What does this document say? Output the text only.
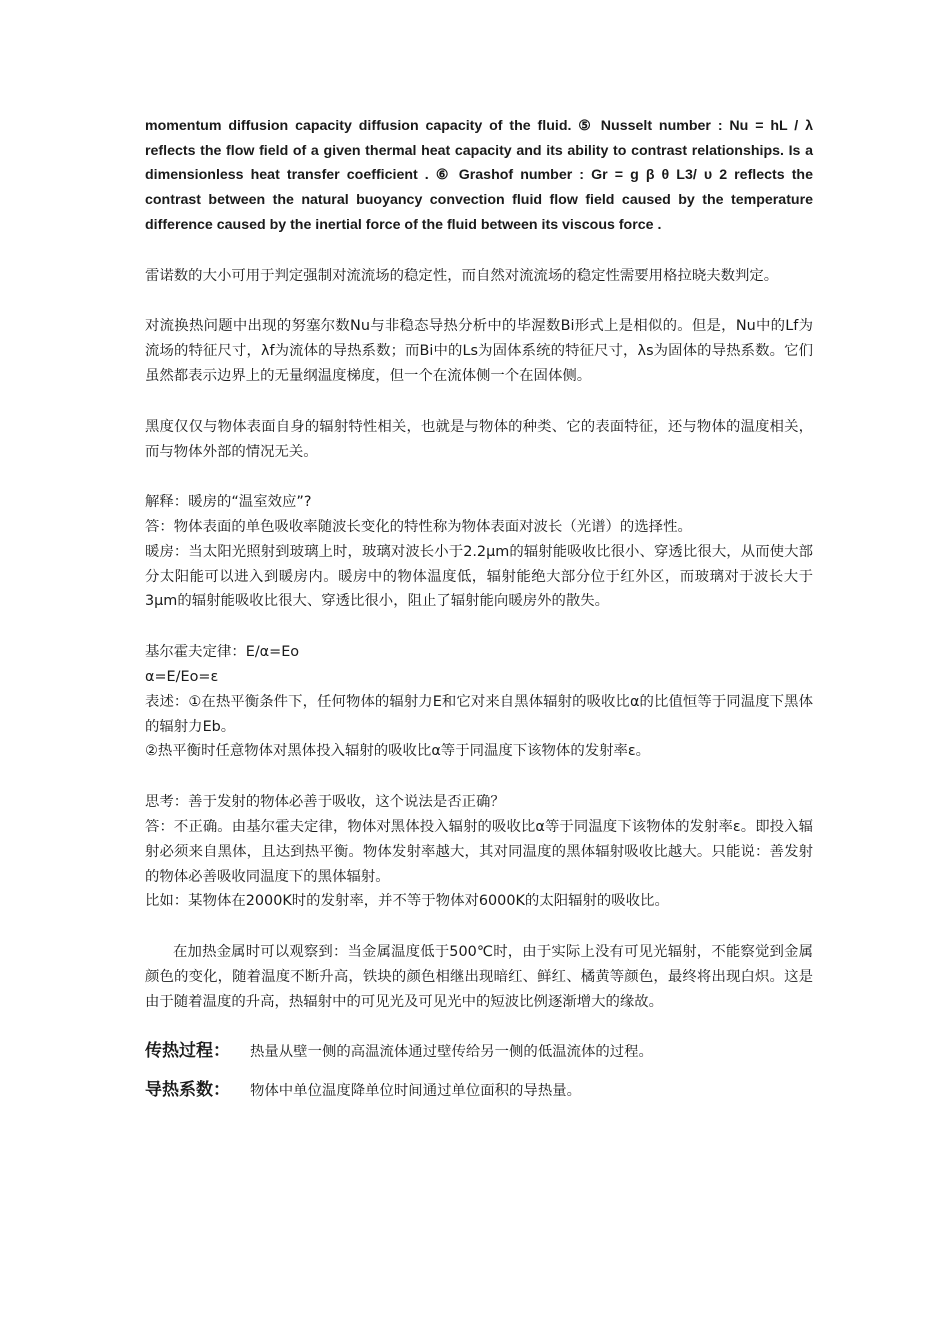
momentum diffusion capacity diffusion capacity of the fluid. ⑤ Nusselt number : Nu = hL / λ reflects the flow field of a given thermal heat capacity and its ability to contrast relationships. Is a dimensionless heat transfer coefficient . ⑥ Grashof number : Gr = g β θ L3/ υ 2 reflects the contrast between the natural buoyancy convection fluid flow field caused by the temperature difference caused by the inertial force of the fluid between its viscous force .

雷诺数的大小可用于判定强制对流流场的稳定性，而自然对流流场的稳定性需要用格拉晓夫数判定。

对流换热问题中出现的努塞尔数Nu与非稳态导热分析中的毕渥数Bi形式上是相似的。但是，Nu中的Lf为流场的特征尺寸，λf为流体的导热系数；而Bi中的Ls为固体系统的特征尺寸，λs为固体的导热系数。它们虽然都表示边界上的无量纲温度梯度，但一个在流体侧一个在固体侧。

黑度仅仅与物体表面自身的辐射特性相关，也就是与物体的种类、它的表面特征，还与物体的温度相关，而与物体外部的情况无关。

解释：暖房的“温室效应”?

答：物体表面的单色吸收率随波长变化的特性称为物体表面对波长（光谱）的选择性。

暖房：当太阳光照射到玻璃上时，玻璃对波长小于2.2μm的辐射能吸收比很小、穿透比很大，从而使大部分太阳能可以进入到暖房内。暖房中的物体温度低，辐射能绝大部分位于红外区，而玻璃对于波长大于3μm的辐射能吸收比很大、穿透比很小，阻止了辐射能向暖房外的散失。

基尔霍夫定律：E/α=Eo

α=E/Eo=ε

表述：①在热平衡条件下，任何物体的辐射力E和它对来自黑体辐射的吸收比α的比值恒等于同温度下黑体的辐射力Eb。

②热平衡时任意物体对黑体投入辐射的吸收比α等于同温度下该物体的发射率ε。

思考：善于发射的物体必善于吸收，这个说法是否正确？

答：不正确。由基尔霍夫定律，物体对黑体投入辐射的吸收比α等于同温度下该物体的发射率ε。即投入辐射必须来自黑体，且达到热平衡。物体发射率越大，其对同温度的黑体辐射吸收比越大。只能说：善发射的物体必善吸收同温度下的黑体辐射。

比如：某物体在2000K时的发射率，并不等于物体对6000K的太阳辐射的吸收比。

在加热金属时可以观察到：当金属温度低于500℃时，由于实际上没有可见光辐射，不能察觉到金属颜色的变化，随着温度不断升高，铁块的颜色相继出现暗红、鲜红、橘黄等颜色，最终将出现白炽。这是由于随着温度的升高，热辐射中的可见光及可见光中的短波比例逐渐增大的缘故。

传热过程：	热量从壁一侧的高温流体通过壁传给另一侧的低温流体的过程。

导热系数：	物体中单位温度降单位时间通过单位面积的导热量。
